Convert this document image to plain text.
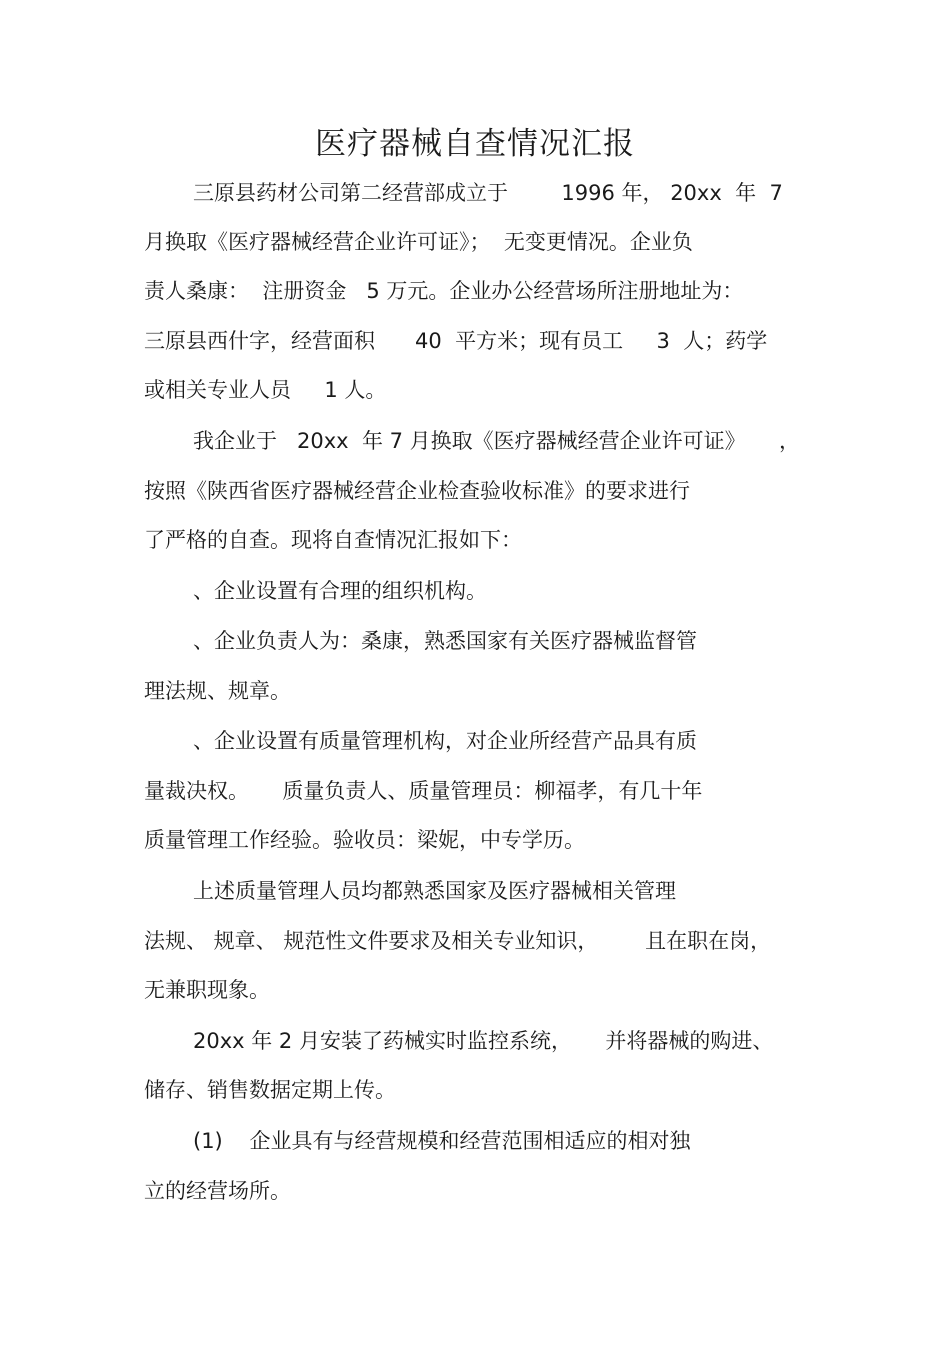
医疗器械自查情况汇报

三原县药材公司第二经营部成立于        1996 年， 20xx  年  7

月换取《医疗器械经营企业许可证》；  无变更情况。企业负

责人桑康：  注册资金   5 万元。企业办公经营场所注册地址为：

三原县西什字，经营面积      40  平方米；现有员工     3  人；药学

或相关专业人员     1 人。

我企业于   20xx  年 7 月换取《医疗器械经营企业许可证》     ，

按照《陕西省医疗器械经营企业检查验收标准》的要求进行

了严格的自查。现将自查情况汇报如下：

、企业设置有合理的组织机构。

、企业负责人为：桑康，熟悉国家有关医疗器械监督管

理法规、规章。

、企业设置有质量管理机构，对企业所经营产品具有质

量裁决权。     质量负责人、质量管理员：柳福孝，有几十年

质量管理工作经验。验收员：梁妮，中专学历。

上述质量管理人员均都熟悉国家及医疗器械相关管理

法规、 规章、 规范性文件要求及相关专业知识，       且在职在岗，

无兼职现象。

20xx 年 2 月安装了药械实时监控系统，     并将器械的购进、

储存、销售数据定期上传。

(1)    企业具有与经营规模和经营范围相适应的相对独

立的经营场所。
